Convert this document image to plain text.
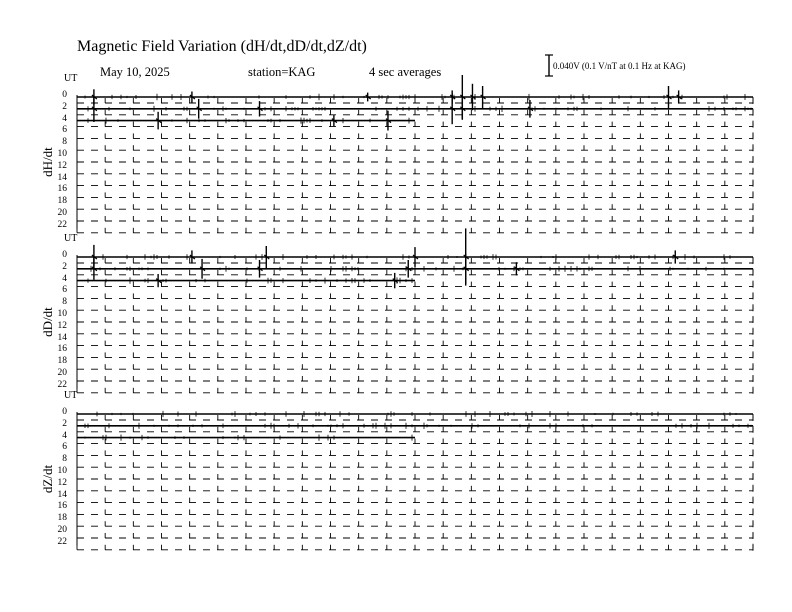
Magnetic Field Variation (dH/dt,dD/dt,dZ/dt)
May 10, 2025	station=KAG	4 sec averages	0.040V (0.1 V/nT at 0.1 Hz at KAG)
UT
dH/dt
0
2
4
6
8
10
12
14
16
18
20
22
UT
dD/dt
0
2
4
6
8
10
12
14
16
18
20
22
UT
dZ/dt
0
2
4
6
8
10
12
14
16
18
20
22
